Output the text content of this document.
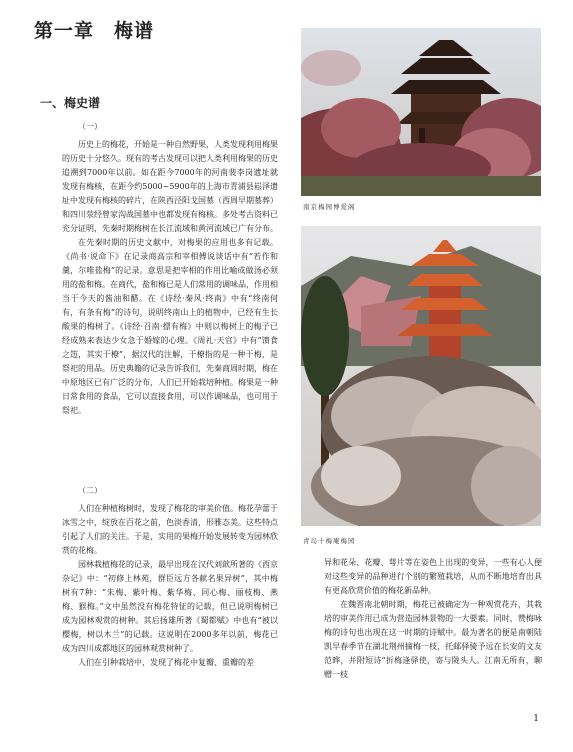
第一章　梅谱
一、梅史谱

（一）

历史上的梅花，开始是一种自然野果，人类发现利用梅果的历史十分悠久。现有的考古发现可以把人类利用梅果的历史追溯到7000年以前。如在距今7000年的河南裴李岗遗址就发现有梅核，在距今约5000~5900年的上海市青浦县崧泽遗址中发现有梅核的碎片，在陕西泾阳戈国墓（西周早期墓葬）和四川荥经曾家沟战国墓中也都发现有梅核。多处考古资料已充分证明，先秦时期梅树在长江流域和黄河流域已广有分布。

在先秦时期的历史文献中，对梅果的应用也多有记载。《尚书·说命下》在记录商高宗和宰相傅说谈话中有“若作和羹，尔唯盐梅”的记录。意思是把宰相的作用比喻成做汤必须用的盐和梅。在商代，盐和梅已是人们常用的调味品，作用相当于今天的酱油和醋。在《诗经·秦风·终南》中有“终南何有，有条有梅”的诗句，说明终南山上的植物中，已经有生长酸果的梅树了。《诗经·召南·摽有梅》中则以梅树上的梅子已经成熟来表达少女急于婚嫁的心理。《周礼·天官》中有“馈食之笾，其实干橑”，据汉代的注解，干橑指的是一种干梅，是祭祀的用品。历史典籍的记录告诉我们，先秦商周时期，梅在中原地区已有广泛的分布，人们已开始栽培种植。梅果是一种日常食用的食品，它可以直接食用，可以作调味品，也可用于祭祀。

（二）

人们在种植梅树时，发现了梅花的审美价值。梅花孕蕾于冰雪之中，绽放在百花之前，色淡香清，形雅态美。这些特点引起了人们的关注。于是，实用的果梅开始发展转变为园林欣赏的花梅。

园林栽植梅花的记录，最早出现在汉代刘歆所著的《西京杂记》中：“初修上林苑，群臣远方各献名果异树”，其中梅树有7种：“朱梅、紫叶梅、紫华梅、同心梅、丽枝梅、燕梅、猴梅。”文中虽然没有梅花特征的记载，但已说明梅树已成为园林观赏的树种。其后扬雄所著《蜀都赋》中也有“被以樱梅，树以木兰”的记载。这说明在2000多年以前，梅花已成为四川成都地区的园林观赏树种了。

人们在引种栽培中，发现了梅花中复瓣、重瓣的差

南京梅园博爱阁

青岛十梅庵梅园

异和花朵、花瓣、萼片等在姿色上出现的变异，一些有心人便对这些变异的品种进行个别的繁殖栽培，从而不断地培育出具有更高欣赏价值的梅花新品种。

在魏晋南北朝时期，梅花已被确定为一种观赏花卉，其栽培的审美作用已成为营造园林景物的一大要素。同时，赞梅咏梅的诗句也出现在这一时期的诗赋中。最为著名的便是南朝陆凯早春季节在湖北荆州摘梅一枝，托邮驿骑予远在长安的文友范晔，并附短诗“折梅逢驿使，寄与陇头人。江南无所有，聊赠一枝

1
